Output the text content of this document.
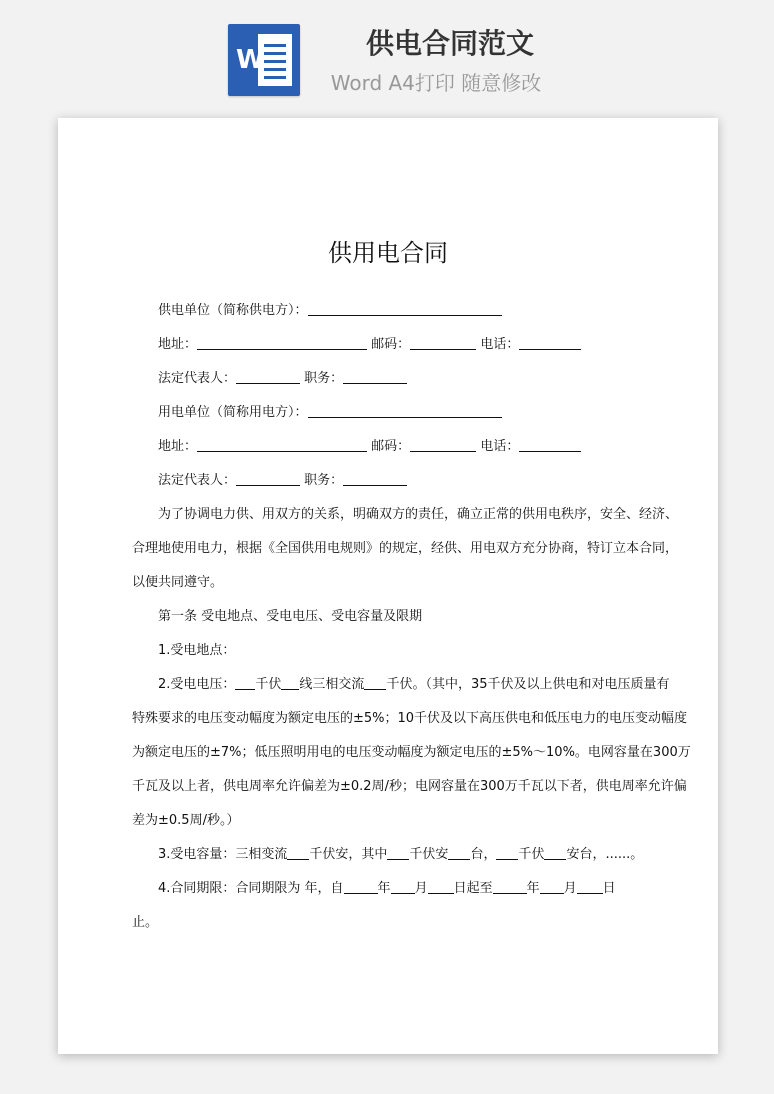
W	供电合同范文
Word A4打印 随意修改

供用电合同
供电单位（简称供电方）：
地址：	邮码：	电话：
法定代表人：	职务：
用电单位（简称用电方）：
地址：	邮码：	电话：
法定代表人：	职务：
为了协调电力供、用双方的关系，明确双方的责任，确立正常的供用电秩序，安全、经济、
合理地使用电力，根据《全国供用电规则》的规定，经供、用电双方充分协商，特订立本合同，
以便共同遵守。
第一条 受电地点、受电电压、受电容量及限期
1.受电地点：
2.受电电压： 千伏 线三相交流 千伏。（其中，35千伏及以上供电和对电压质量有
特殊要求的电压变动幅度为额定电压的±5%；10千伏及以下高压供电和低压电力的电压变动幅度
为额定电压的±7%；低压照明用电的电压变动幅度为额定电压的±5%～10%。电网容量在300万
千瓦及以上者，供电周率允许偏差为±0.2周/秒；电网容量在300万千瓦以下者，供电周率允许偏
差为±0.5周/秒。）
3.受电容量：三相变流 千伏安，其中 千伏安 台， 千伏 安台，......。
4.合同期限：合同期限为 年，自	年 月 日起至	年 月 日
止。
